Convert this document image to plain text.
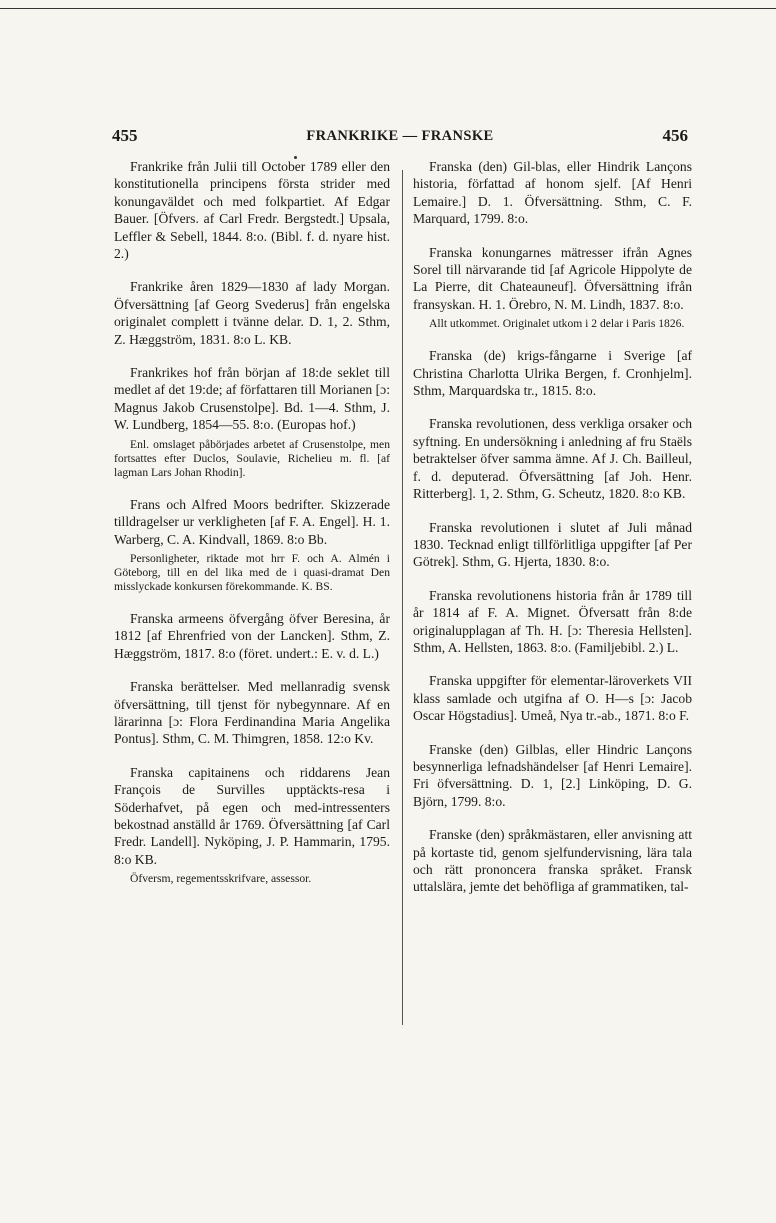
455	FRANKRIKE — FRANSKE	456

Frankrike från Julii till October 1789 eller den konstitutionella principens första strider med konungaväldet och med folkpartiet. Af Edgar Bauer. [Öfvers. af Carl Fredr. Bergstedt.] Upsala, Leffler & Sebell, 1844. 8:o. (Bibl. f. d. nyare hist. 2.)

Frankrike åren 1829—1830 af lady Morgan. Öfversättning [af Georg Svederus] från engelska originalet complett i tvänne delar. D. 1, 2. Sthm, Z. Hæggström, 1831. 8:o L. KB.

Frankrikes hof från början af 18:de seklet till medlet af det 19:de; af författaren till Morianen [ɔ: Magnus Jakob Crusenstolpe]. Bd. 1—4. Sthm, J. W. Lundberg, 1854—55. 8:o. (Europas hof.)

Enl. omslaget påbörjades arbetet af Crusenstolpe, men fortsattes efter Duclos, Soulavie, Richelieu m. fl. [af lagman Lars Johan Rhodin].

Frans och Alfred Moors bedrifter. Skizzerade tilldragelser ur verkligheten [af F. A. Engel]. H. 1. Warberg, C. A. Kindvall, 1869. 8:o Bb.

Personligheter, riktade mot hrr F. och A. Almén i Göteborg, till en del lika med de i quasi-dramat Den misslyckade konkursen förekommande. K. BS.

Franska armeens öfvergång öfver Beresina, år 1812 [af Ehrenfried von der Lancken]. Sthm, Z. Hæggström, 1817. 8:o (föret. undert.: E. v. d. L.)

Franska berättelser. Med mellanradig svensk öfversättning, till tjenst för nybegynnare. Af en lärarinna [ɔ: Flora Ferdinandina Maria Angelika Pontus]. Sthm, C. M. Thimgren, 1858. 12:o Kv.

Franska capitainens och riddarens Jean François de Survilles upptäckts-resa i Söderhafvet, på egen och med-intressenters bekostnad anställd år 1769. Öfversättning [af Carl Fredr. Landell]. Nyköping, J. P. Hammarin, 1795. 8:o KB.

Öfversm, regementsskrifvare, assessor.

Franska (den) Gil-blas, eller Hindrik Lançons historia, författad af honom sjelf. [Af Henri Lemaire.] D. 1. Öfversättning. Sthm, C. F. Marquard, 1799. 8:o.

Franska konungarnes mätresser ifrån Agnes Sorel till närvarande tid [af Agricole Hippolyte de La Pierre, dit Chateauneuf]. Öfversättning ifrån fransyskan. H. 1. Örebro, N. M. Lindh, 1837. 8:o.

Allt utkommet. Originalet utkom i 2 delar i Paris 1826.

Franska (de) krigs-fångarne i Sverige [af Christina Charlotta Ulrika Bergen, f. Cronhjelm]. Sthm, Marquardska tr., 1815. 8:o.

Franska revolutionen, dess verkliga orsaker och syftning. En undersökning i anledning af fru Staëls betraktelser öfver samma ämne. Af J. Ch. Bailleul, f. d. deputerad. Öfversättning [af Joh. Henr. Ritterberg]. 1, 2. Sthm, G. Scheutz, 1820. 8:o KB.

Franska revolutionen i slutet af Juli månad 1830. Tecknad enligt tillförlitliga uppgifter [af Per Götrek]. Sthm, G. Hjerta, 1830. 8:o.

Franska revolutionens historia från år 1789 till år 1814 af F. A. Mignet. Öfversatt från 8:de originalupplagan af Th. H. [ɔ: Theresia Hellsten]. Sthm, A. Hellsten, 1863. 8:o. (Familjebibl. 2.) L.

Franska uppgifter för elementar-läroverkets VII klass samlade och utgifna af O. H—s [ɔ: Jacob Oscar Högstadius]. Umeå, Nya tr.-ab., 1871. 8:o F.

Franske (den) Gilblas, eller Hindric Lançons besynnerliga lefnadshändelser [af Henri Lemaire]. Fri öfversättning. D. 1, [2.] Linköping, D. G. Björn, 1799. 8:o.

Franske (den) språkmästaren, eller anvisning att på kortaste tid, genom sjelfundervisning, lära tala och rätt prononcera franska språket. Fransk uttalslära, jemte det behöfliga af grammatiken, tal-
